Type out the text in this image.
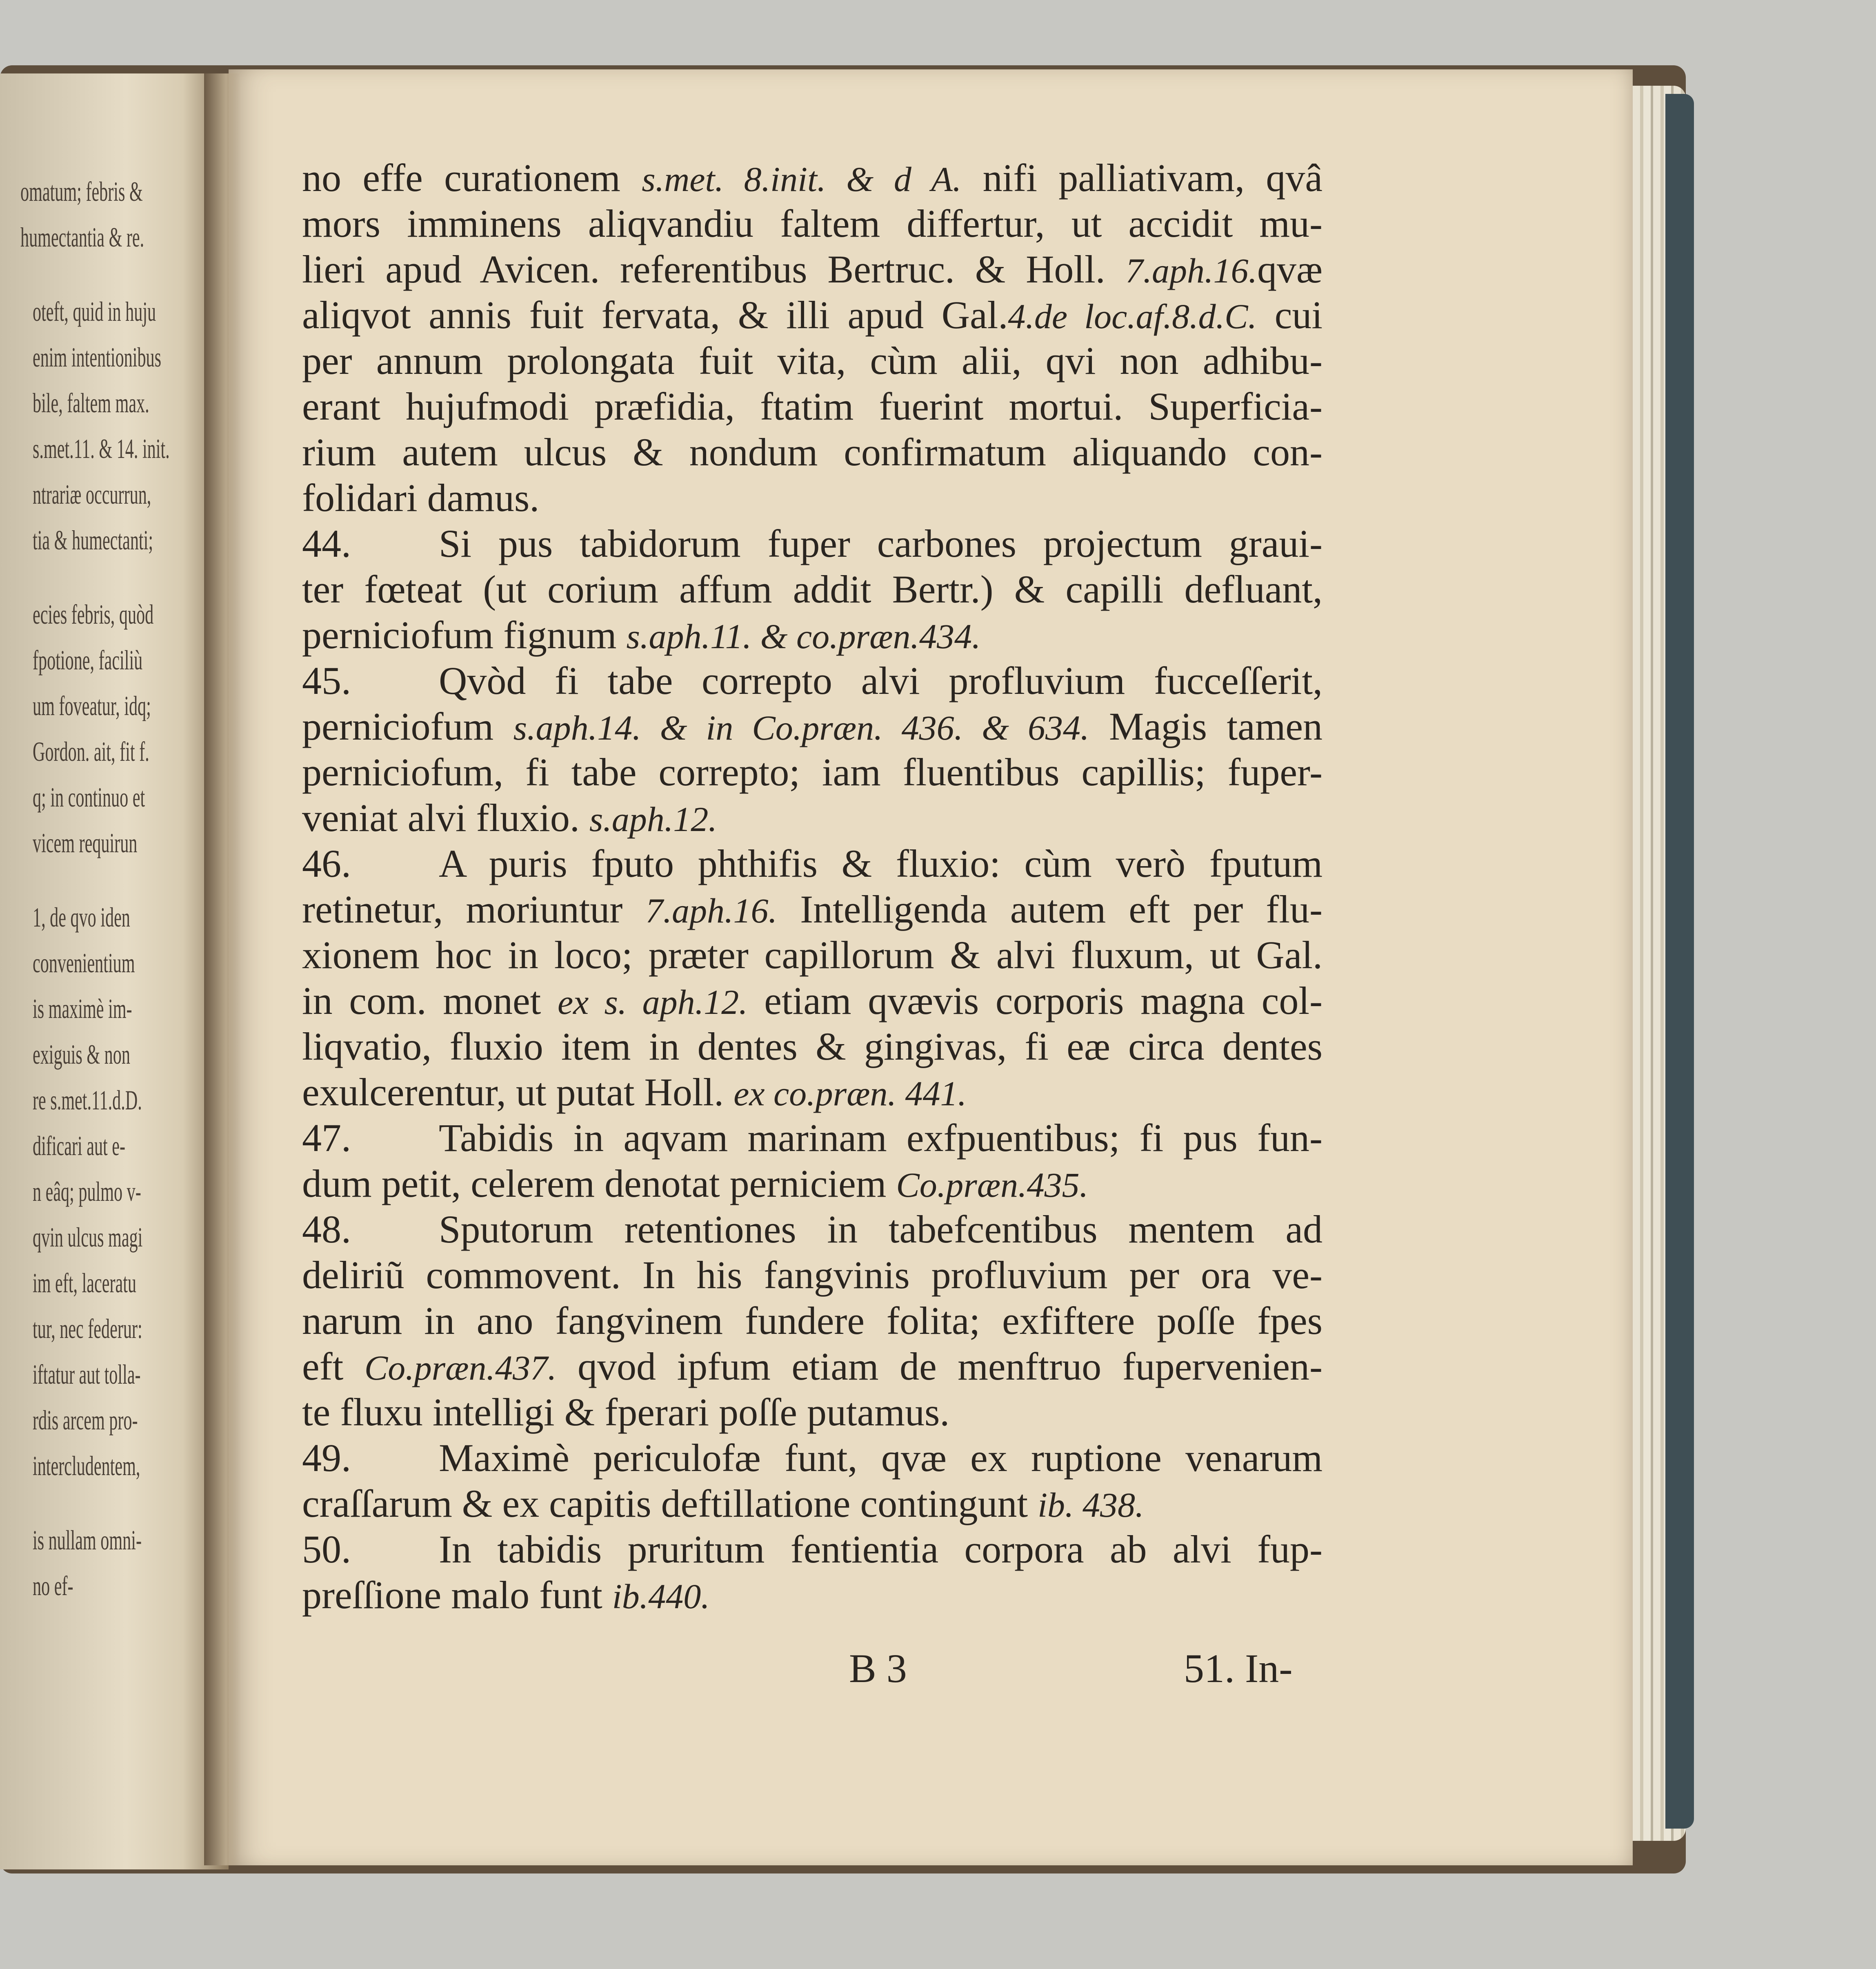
omatum; febris &
humectantia & re.
oteft, quid in huju
enim intentionibus
bile, faltem max.
s.met.11. & 14. init.
ntrariæ occurrun,
tia & humectanti;
ecies febris, quòd
fpotione, faciliù
um foveatur, idq;
Gordon. ait, fit f.
q; in continuo et
vicem requirun
1, de qvo iden
convenientium
is maximè im-
exiguis & non
re s.met.11.d.D.
dificari aut e-
n eâq; pulmo v-
qvin ulcus magi
im eft, laceratu
tur, nec federur:
iftatur aut tolla-
rdis arcem pro-
intercludentem,
is nullam omni-
no ef-
no effe curationem s.met. 8.init. & d A. nifi palliativam, qvâ
mors imminens aliqvandiu faltem differtur, ut accidit mu-
lieri apud Avicen. referentibus Bertruc. & Holl. 7.aph.16.qvæ
aliqvot annis fuit fervata, & illi apud Gal.4.de loc.af.8.d.C. cui
per annum prolongata fuit vita, cùm alii, qvi non adhibu-
erant hujufmodi præfidia, ftatim fuerint mortui. Superficia-
rium autem ulcus & nondum confirmatum aliquando con-
folidari damus.
44. Si pus tabidorum fuper carbones projectum graui-
ter fœteat (ut corium affum addit Bertr.) & capilli defluant,
perniciofum fignum s.aph.11. & co.præn.434.
45. Qvòd fi tabe correpto alvi profluvium fucceſſerit,
perniciofum s.aph.14. & in Co.præn. 436. & 634. Magis tamen
perniciofum, fi tabe correpto; iam fluentibus capillis; fuper-
veniat alvi fluxio. s.aph.12.
46. A puris fputo phthifis & fluxio: cùm verò fputum
retinetur, moriuntur 7.aph.16. Intelligenda autem eft per flu-
xionem hoc in loco; præter capillorum & alvi fluxum, ut Gal.
in com. monet ex s. aph.12. etiam qvævis corporis magna col-
liqvatio, fluxio item in dentes & gingivas, fi eæ circa dentes
exulcerentur, ut putat Holl. ex co.præn. 441.
47. Tabidis in aqvam marinam exfpuentibus; fi pus fun-
dum petit, celerem denotat perniciem Co.præn.435.
48. Sputorum retentiones in tabefcentibus mentem ad
deliriũ commovent. In his fangvinis profluvium per ora ve-
narum in ano fangvinem fundere folita; exfiftere poſſe fpes
eft Co.præn.437. qvod ipfum etiam de menftruo fupervenien-
te fluxu intelligi & fperari poſſe putamus.
49. Maximè periculofæ funt, qvæ ex ruptione venarum
craſſarum & ex capitis deftillatione contingunt ib. 438.
50. In tabidis pruritum fentientia corpora ab alvi fup-
preſſione malo funt ib.440.
B 3	51. In-
